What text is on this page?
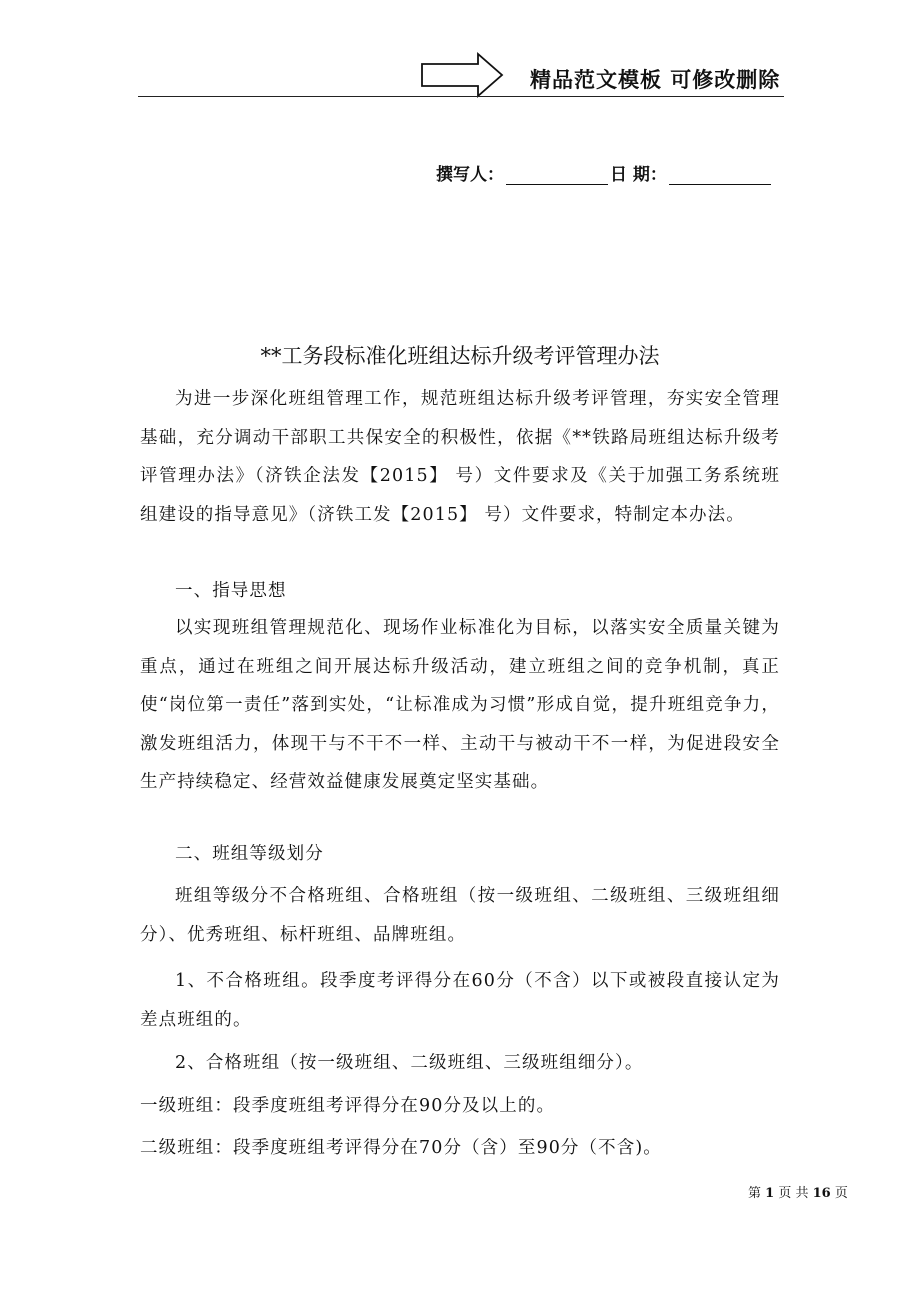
精品范文模板 可修改删除
撰写人：	日 期：
**工务段标准化班组达标升级考评管理办法

为进一步深化班组管理工作，规范班组达标升级考评管理，夯实安全管理基础，充分调动干部职工共保安全的积极性，依据《**铁路局班组达标升级考评管理办法》（济铁企法发【2015】 号）文件要求及《关于加强工务系统班组建设的指导意见》（济铁工发【2015】 号）文件要求，特制定本办法。

一、指导思想

以实现班组管理规范化、现场作业标准化为目标，以落实安全质量关键为重点，通过在班组之间开展达标升级活动，建立班组之间的竞争机制，真正使“岗位第一责任”落到实处，“让标准成为习惯”形成自觉，提升班组竞争力，激发班组活力，体现干与不干不一样、主动干与被动干不一样，为促进段安全生产持续稳定、经营效益健康发展奠定坚实基础。

二、班组等级划分

班组等级分不合格班组、合格班组（按一级班组、二级班组、三级班组细分）、优秀班组、标杆班组、品牌班组。

1、不合格班组。段季度考评得分在60分（不含）以下或被段直接认定为差点班组的。

2、合格班组（按一级班组、二级班组、三级班组细分）。

一级班组：段季度班组考评得分在90分及以上的。

二级班组：段季度班组考评得分在70分（含）至90分（不含)。

第 1 页 共 16 页
